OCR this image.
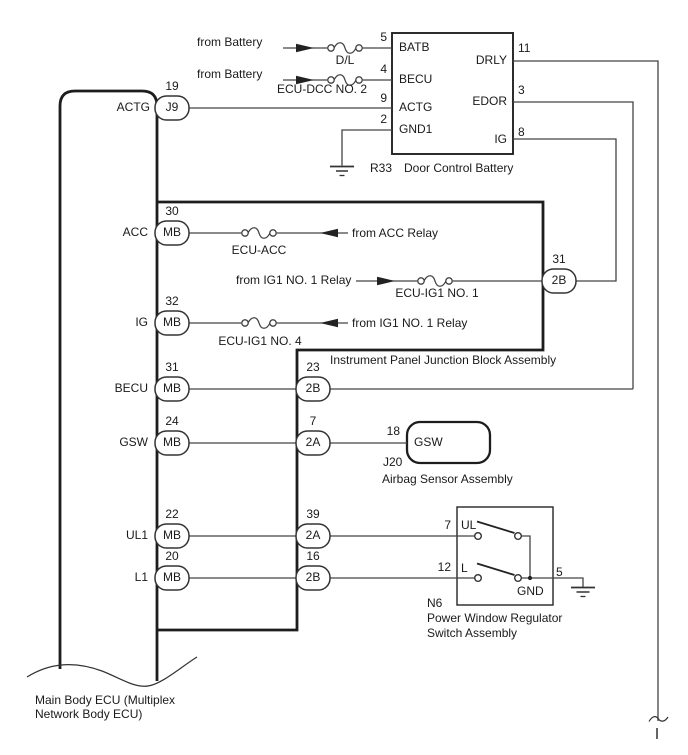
ACTG
19
J9
Main Body ECU (Multiplex
Network Body ECU)
5
4
9
2
BATB
BECU
ACTG
GND1
11
3
8
DRLY
EDOR
IG
R33 Door Control Battery
from Battery
from Battery
D/L
ECU-DCC NO. 2
Instrument Panel Junction Block Assembly
ACC
30
MB
ECU-ACC
from ACC Relay
from IG1 NO. 1 Relay
ECU-IG1 NO. 1
31
2B
IG
32
MB
ECU-IG1 NO. 4
from IG1 NO. 1 Relay
BECU
31
MB
23
2B
GSW
24
MB
7
2A
UL1
22
MB
39
2A
L1
20
MB
16
2B
18
GSW
J20
Airbag Sensor Assembly
7 UL
12 L
GND
5
N6
Power Window Regulator
Switch Assembly
